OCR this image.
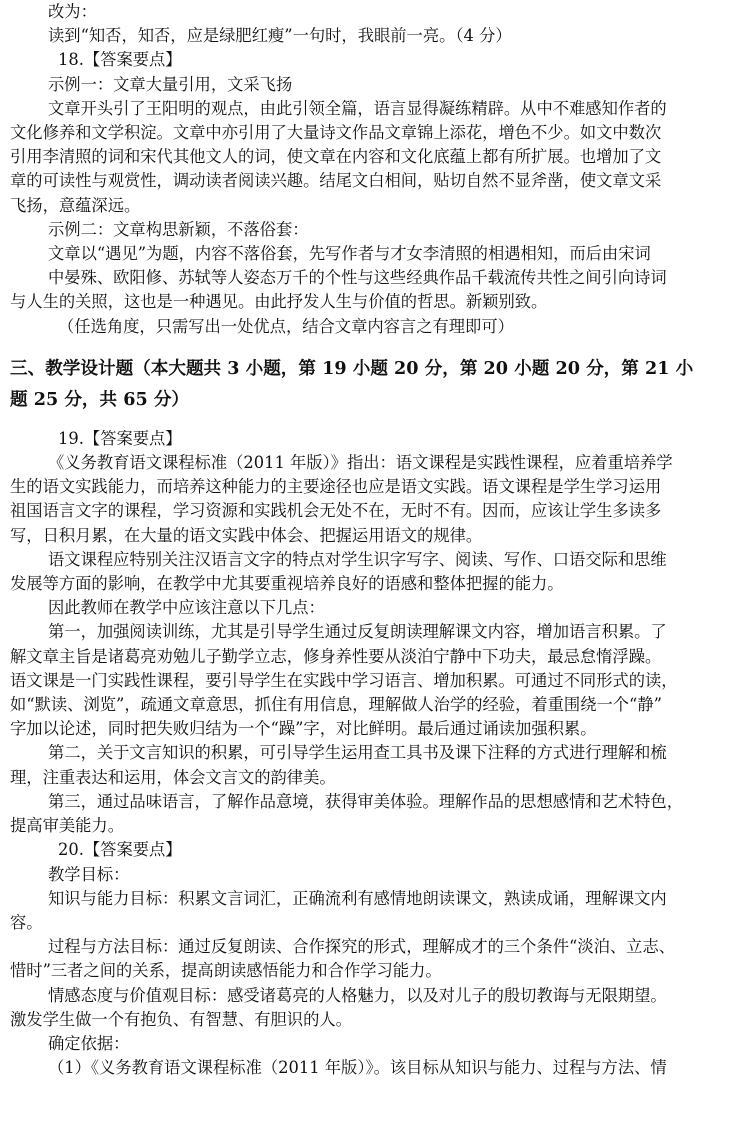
改为：
读到“知否，知否，应是绿肥红瘦”一句时，我眼前一亮。（4 分）
18.【答案要点】
示例一：文章大量引用，文采飞扬
文章开头引了王阳明的观点，由此引领全篇，语言显得凝练精辟。从中不难感知作者的
文化修养和文学积淀。文章中亦引用了大量诗文作品文章锦上添花，增色不少。如文中数次
引用李清照的词和宋代其他文人的词，使文章在内容和文化底蕴上都有所扩展。也增加了文
章的可读性与观赏性，调动读者阅读兴趣。结尾文白相间，贴切自然不显斧凿，使文章文采
飞扬，意蕴深远。
示例二：文章构思新颖，不落俗套：
文章以“遇见”为题，内容不落俗套，先写作者与才女李清照的相遇相知，而后由宋词
中晏殊、欧阳修、苏轼等人姿态万千的个性与这些经典作品千载流传共性之间引向诗词
与人生的关照，这也是一种遇见。由此抒发人生与价值的哲思。新颖别致。
（任选角度，只需写出一处优点，结合文章内容言之有理即可）
三、教学设计题（本大题共 3 小题，第 19 小题 20 分，第 20 小题 20 分，第 21 小
题 25 分，共 65 分）
19.【答案要点】
《义务教育语文课程标准（2011 年版）》指出：语文课程是实践性课程，应着重培养学
生的语文实践能力，而培养这种能力的主要途径也应是语文实践。语文课程是学生学习运用
祖国语言文字的课程，学习资源和实践机会无处不在，无时不有。因而，应该让学生多读多
写，日积月累，在大量的语文实践中体会、把握运用语文的规律。
语文课程应特别关注汉语言文字的特点对学生识字写字、阅读、写作、口语交际和思维
发展等方面的影响，在教学中尤其要重视培养良好的语感和整体把握的能力。
因此教师在教学中应该注意以下几点：
第一，加强阅读训练，尤其是引导学生通过反复朗读理解课文内容，增加语言积累。了
解文章主旨是诸葛亮劝勉儿子勤学立志，修身养性要从淡泊宁静中下功夫，最忌怠惰浮躁。
语文课是一门实践性课程，要引导学生在实践中学习语言、增加积累。可通过不同形式的读，
如“默读、浏览”，疏通文章意思，抓住有用信息，理解做人治学的经验，着重围绕一个“静”
字加以论述，同时把失败归结为一个“躁”字，对比鲜明。最后通过诵读加强积累。
第二，关于文言知识的积累，可引导学生运用查工具书及课下注释的方式进行理解和梳
理，注重表达和运用，体会文言文的韵律美。
第三，通过品味语言，了解作品意境，获得审美体验。理解作品的思想感情和艺术特色，
提高审美能力。
20.【答案要点】
教学目标：
知识与能力目标：积累文言词汇，正确流利有感情地朗读课文，熟读成诵，理解课文内
容。
过程与方法目标：通过反复朗读、合作探究的形式，理解成才的三个条件“淡泊、立志、
惜时”三者之间的关系，提高朗读感悟能力和合作学习能力。
情感态度与价值观目标：感受诸葛亮的人格魅力，以及对儿子的殷切教诲与无限期望。
激发学生做一个有抱负、有智慧、有胆识的人。
确定依据：
（1）《义务教育语文课程标准（2011 年版）》。该目标从知识与能力、过程与方法、情
